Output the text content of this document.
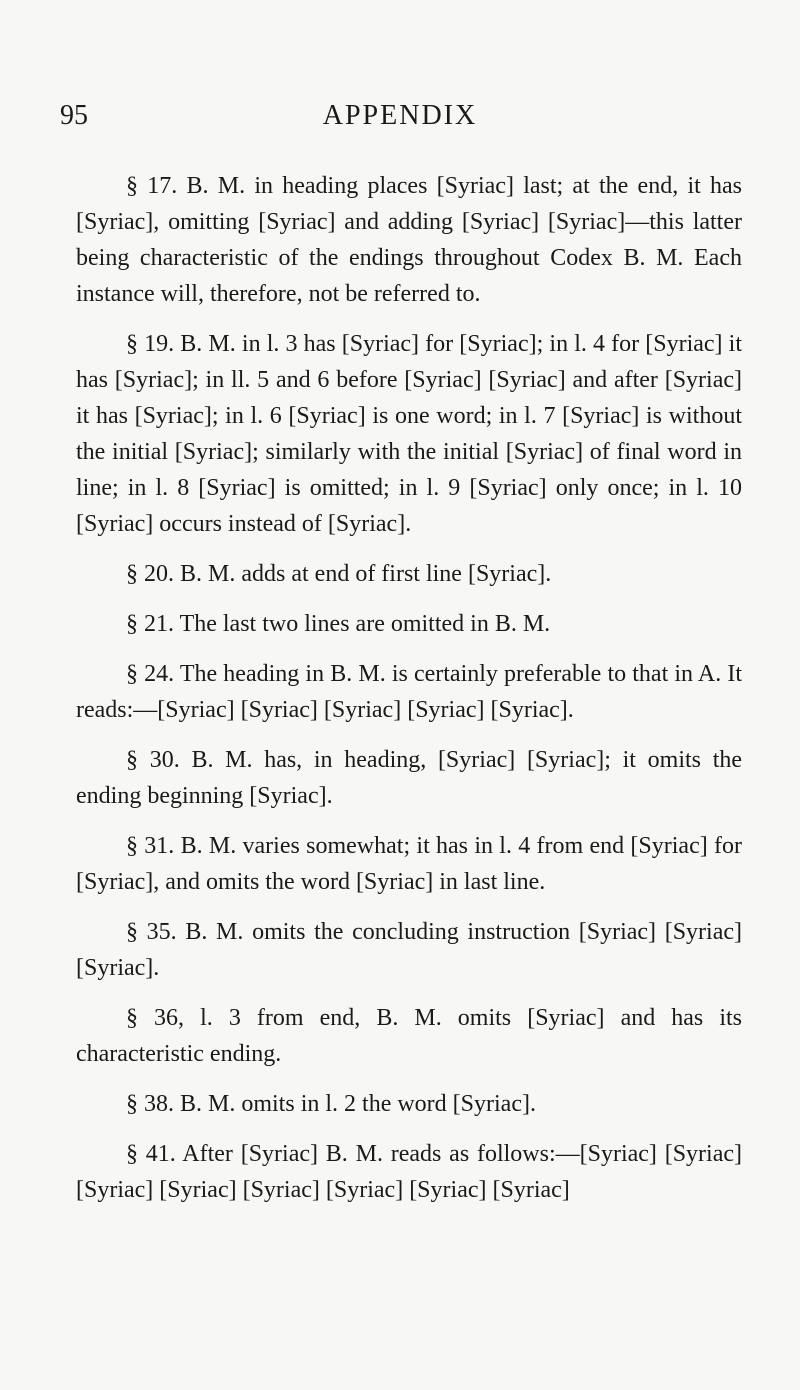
95	APPENDIX

§ 17. B. M. in heading places [Syriac] last; at the end, it has [Syriac], omitting [Syriac] and adding [Syriac] [Syriac]—this latter being characteristic of the endings throughout Codex B. M. Each instance will, therefore, not be referred to.

§ 19. B. M. in l. 3 has [Syriac] for [Syriac]; in l. 4 for [Syriac] it has [Syriac]; in ll. 5 and 6 before [Syriac] [Syriac] and after [Syriac] it has [Syriac]; in l. 6 [Syriac] is one word; in l. 7 [Syriac] is without the initial [Syriac]; similarly with the initial [Syriac] of final word in line; in l. 8 [Syriac] is omitted; in l. 9 [Syriac] only once; in l. 10 [Syriac] occurs instead of [Syriac].

§ 20. B. M. adds at end of first line [Syriac].

§ 21. The last two lines are omitted in B. M.

§ 24. The heading in B. M. is certainly preferable to that in A. It reads:—[Syriac] [Syriac] [Syriac] [Syriac] [Syriac].

§ 30. B. M. has, in heading, [Syriac] [Syriac]; it omits the ending beginning [Syriac].

§ 31. B. M. varies somewhat; it has in l. 4 from end [Syriac] for [Syriac], and omits the word [Syriac] in last line.

§ 35. B. M. omits the concluding instruction [Syriac] [Syriac] [Syriac].

§ 36, l. 3 from end, B. M. omits [Syriac] and has its characteristic ending.

§ 38. B. M. omits in l. 2 the word [Syriac].

§ 41. After [Syriac] B. M. reads as follows:—[Syriac] [Syriac] [Syriac] [Syriac] [Syriac] [Syriac] [Syriac] [Syriac]
